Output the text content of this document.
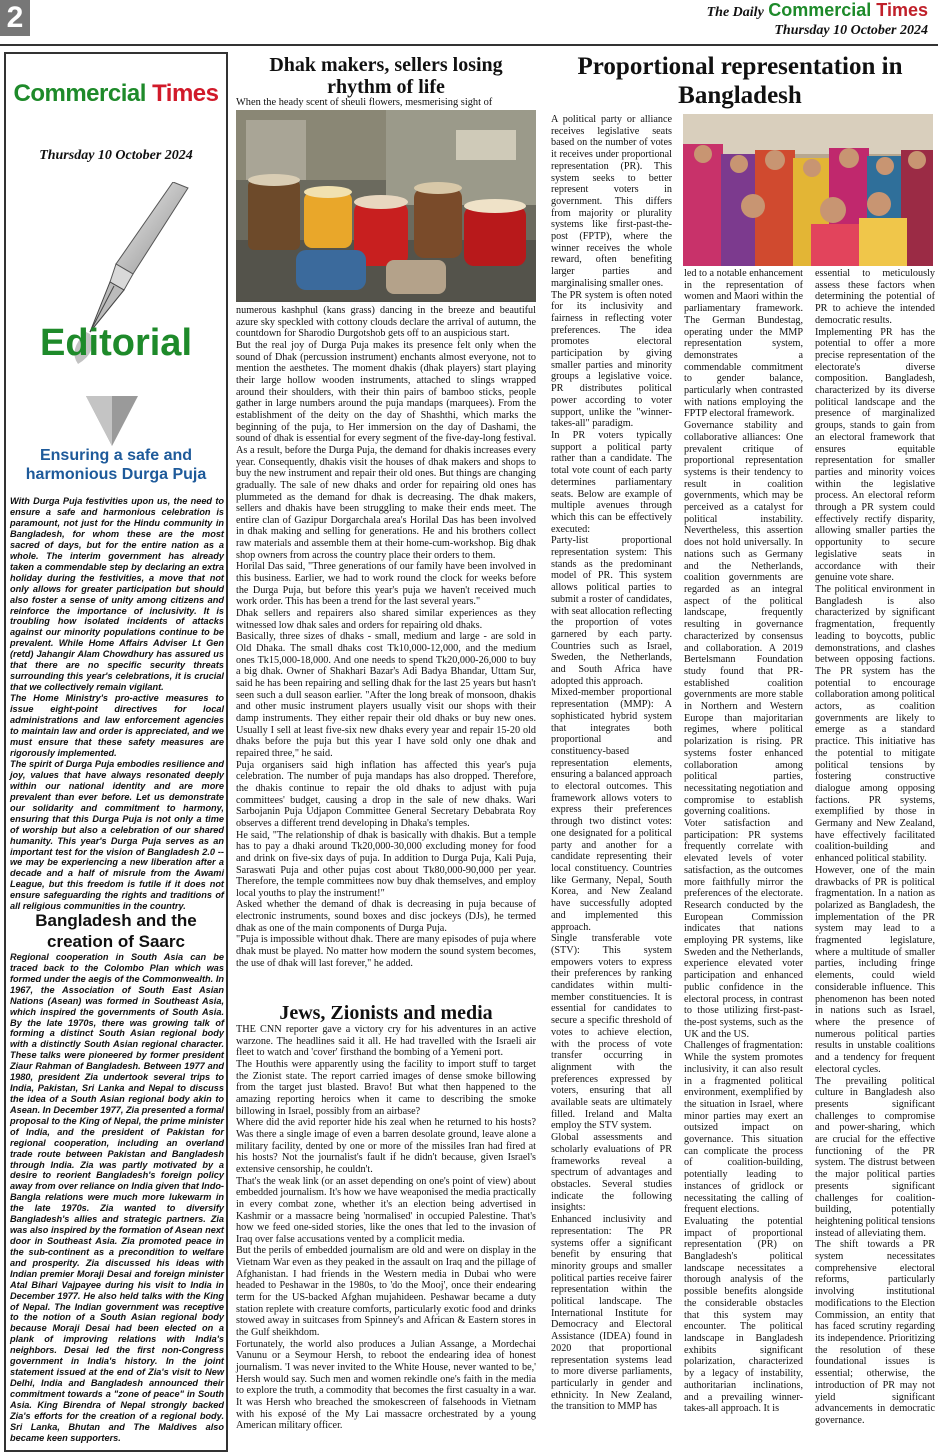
2	The Daily Commercial Times
Thursday 10 October 2024
Commercial Times
Thursday 10 October 2024
Editorial
Ensuring a safe and harmonious Durga Puja

With Durga Puja festivities upon us, the need to ensure a safe and harmonious celebration is paramount, not just for the Hindu community in Bangladesh, for whom these are the most sacred of days, but for the entire nation as a whole. The interim government has already taken a commendable step by declaring an extra holiday during the festivities, a move that not only allows for greater participation but should also foster a sense of unity among citizens and reinforce the importance of inclusivity. It is troubling how isolated incidents of attacks against our minority populations continue to be prevalent. While Home Affairs Adviser Lt Gen (retd) Jahangir Alam Chowdhury has assured us that there are no specific security threats surrounding this year's celebrations, it is crucial that we collectively remain vigilant.

The Home Ministry's pro-active measures to issue eight-point directives for local administrations and law enforcement agencies to maintain law and order is appreciated, and we must ensure that these safety measures are rigorously implemented.

The spirit of Durga Puja embodies resilience and joy, values that have always resonated deeply within our national identity and are more prevalent than ever before. Let us demonstrate our solidarity and commitment to harmony, ensuring that this Durga Puja is not only a time of worship but also a celebration of our shared humanity. This year's Durga Puja serves as an important test for the vision of Bangladesh 2.0 -- we may be experiencing a new liberation after a decade and a half of misrule from the Awami League, but this freedom is futile if it does not ensure safeguarding the rights and traditions of all religious communities in the country.

Bangladesh and the creation of Saarc

Regional cooperation in South Asia can be traced back to the Colombo Plan which was formed under the aegis of the Commonwealth. In 1967, the Association of South East Asian Nations (Asean) was formed in Southeast Asia, which inspired the governments of South Asia. By the late 1970s, there was growing talk of forming a distinct South Asian regional body with a distinctly South Asian regional character. These talks were pioneered by former president Ziaur Rahman of Bangladesh. Between 1977 and 1980, president Zia undertook several trips to India, Pakistan, Sri Lanka and Nepal to discuss the idea of a South Asian regional body akin to Asean. In December 1977, Zia presented a formal proposal to the King of Nepal, the prime minister of India, and the president of Pakistan for regional cooperation, including an overland trade route between Pakistan and Bangladesh through India. Zia was partly motivated by a desire to reorient Bangladesh's foreign policy away from over reliance on India given that Indo-Bangla relations were much more lukewarm in the late 1970s. Zia wanted to diversify Bangladesh's allies and strategic partners. Zia was also inspired by the formation of Asean next door in Southeast Asia. Zia promoted peace in the sub-continent as a precondition to welfare and prosperity. Zia discussed his ideas with Indian premier Moraji Desai and foreign minister Atal Bihari Vajpayee during his visit to India in December 1977. He also held talks with the King of Nepal. The Indian government was receptive to the notion of a South Asian regional body because Moraji Desai had been elected on a plank of improving relations with India's neighbors. Desai led the first non-Congress government in India's history. In the joint statement issued at the end of Zia's visit to New Delhi, India and Bangladesh announced their commitment towards a "zone of peace" in South Asia. King Birendra of Nepal strongly backed Zia's efforts for the creation of a regional body. Sri Lanka, Bhutan and The Maldives also became keen supporters.

Dhak makers, sellers losing rhythm of life
When the heady scent of sheuli flowers, mesmerising sight of

numerous kashphul (kans grass) dancing in the breeze and beautiful azure sky speckled with cottony clouds declare the arrival of autumn, the countdown for Sharodio Durgotshob gets off to an auspicious start.

But the real joy of Durga Puja makes its presence felt only when the sound of Dhak (percussion instrument) enchants almost everyone, not to mention the aesthetes. The moment dhakis (dhak players) start playing their large hollow wooden instruments, attached to slings wrapped around their shoulders, with their thin pairs of bamboo sticks, people gather in large numbers around the puja mandaps (marquees). From the establishment of the deity on the day of Shashthi, which marks the beginning of the puja, to Her immersion on the day of Dashami, the sound of dhak is essential for every segment of the five-day-long festival. As a result, before the Durga Puja, the demand for dhakis increases every year. Consequently, dhakis visit the houses of dhak makers and shops to buy the new instrument and repair their old ones. But things are changing gradually. The sale of new dhaks and order for repairing old ones has plummeted as the demand for dhak is decreasing. The dhak makers, sellers and dhakis have been struggling to make their ends meet. The entire clan of Gazipur Dorgarchala area's Horilal Das has been involved in dhak making and selling for generations. He and his brothers collect raw materials and assemble them at their home-cum-workshop. Big dhak shop owners from across the country place their orders to them.

Horilal Das said, "Three generations of our family have been involved in this business. Earlier, we had to work round the clock for weeks before the Durga Puja, but before this year's puja we haven't received much work order. This has been a trend for the last several years."

Dhak sellers and repairers also shared similar experiences as they witnessed low dhak sales and orders for repairing old dhaks.

Basically, three sizes of dhaks - small, medium and large - are sold in Old Dhaka. The small dhaks cost Tk10,000-12,000, and the medium ones Tk15,000-18,000. And one needs to spend Tk20,000-26,000 to buy a big dhak. Owner of Shakhari Bazar's Adi Badya Bhandar, Uttam Sur, said he has been repairing and selling dhak for the last 25 years but hasn't seen such a dull season earlier. "After the long break of monsoon, dhakis and other music instrument players usually visit our shops with their damp instruments. They either repair their old dhaks or buy new ones. Usually I sell at least five-six new dhaks every year and repair 15-20 old dhaks before the puja but this year I have sold only one dhak and repaired three," he said.

Puja organisers said high inflation has affected this year's puja celebration. The number of puja mandaps has also dropped. Therefore, the dhakis continue to repair the old dhaks to adjust with puja committees' budget, causing a drop in the sale of new dhaks. Wari Sarbojanin Puja Udjapon Committee General Secretary Debabrata Roy observes a different trend developing in Dhaka's temples.

He said, "The relationship of dhak is basically with dhakis. But a temple has to pay a dhaki around Tk20,000-30,000 excluding money for food and drink on five-six days of puja. In addition to Durga Puja, Kali Puja, Saraswati Puja and other pujas cost about Tk80,000-90,000 per year. Therefore, the temple committees now buy dhak themselves, and employ local youths to play the instrument!"

Asked whether the demand of dhak is decreasing in puja because of electronic instruments, sound boxes and disc jockeys (DJs), he termed dhak as one of the main components of Durga Puja.

"Puja is impossible without dhak. There are many episodes of puja where dhak must be played. No matter how modern the sound system becomes, the use of dhak will last forever," he added.

Jews, Zionists and media

THE CNN reporter gave a victory cry for his adventures in an active warzone. The headlines said it all. He had travelled with the Israeli air fleet to watch and 'cover' firsthand the bombing of a Yemeni port.

The Houthis were apparently using the facility to import stuff to target the Zionist state. The report carried images of dense smoke billowing from the target just blasted. Bravo! But what then happened to the amazing reporting heroics when it came to describing the smoke billowing in Israel, possibly from an airbase?

Where did the avid reporter hide his zeal when he returned to his hosts? Was there a single image of even a barren desolate ground, leave alone a military facility, dented by one or more of the missiles Iran had fired at his hosts? Not the journalist's fault if he didn't because, given Israel's extensive censorship, he couldn't.

That's the weak link (or an asset depending on one's point of view) about embedded journalism. It's how we have weaponised the media practically in every combat zone, whether it's an election being advertised in Kashmir or a massacre being 'normalised' in occupied Palestine. That's how we feed one-sided stories, like the ones that led to the invasion of Iraq over false accusations vented by a complicit media.

But the perils of embedded journalism are old and were on display in the Vietnam War even as they peaked in the assault on Iraq and the pillage of Afghanistan. I had friends in the Western media in Dubai who were headed to Peshawar in the 1980s, to 'do the Mooj', once their endearing term for the US-backed Afghan mujahideen. Peshawar became a duty station replete with creature comforts, particularly exotic food and drinks stowed away in suitcases from Spinney's and African & Eastern stores in the Gulf sheikhdom.

Fortunately, the world also produces a Julian Assange, a Mordechai Vanunu or a Seymour Hersh, to reboot the endearing idea of honest journalism. 'I was never invited to the White House, never wanted to be,' Hersh would say. Such men and women rekindle one's faith in the media to explore the truth, a commodity that becomes the first casualty in a war. It was Hersh who breached the smokescreen of falsehoods in Vietnam with his exposé of the My Lai massacre orchestrated by a young American military officer.

Proportional representation in Bangladesh

A political party or alliance receives legislative seats based on the number of votes it receives under proportional representation (PR). This system seeks to better represent voters in government. This differs from majority or plurality systems like first-past-the-post (FPTP), where the winner receives the whole reward, often benefiting larger parties and marginalising smaller ones.

The PR system is often noted for its inclusivity and fairness in reflecting voter preferences. The idea promotes electoral participation by giving smaller parties and minority groups a legislative voice. PR distributes political power according to voter support, unlike the "winner-takes-all" paradigm.

In PR voters typically support a political party rather than a candidate. The total vote count of each party determines parliamentary seats. Below are example of multiple avenues through which this can be effectively executed:

Party-list proportional representation system: This stands as the predominant model of PR. This system allows political parties to submit a roster of candidates, with seat allocation reflecting the proportion of votes garnered by each party. Countries such as Israel, Sweden, the Netherlands, and South Africa have adopted this approach.

Mixed-member proportional representation (MMP): A sophisticated hybrid system that integrates both proportional and constituency-based representation elements, ensuring a balanced approach to electoral outcomes. This framework allows voters to express their preferences through two distinct votes: one designated for a political party and another for a candidate representing their local constituency. Countries like Germany, Nepal, South Korea, and New Zealand have successfully adopted and implemented this approach.

Single transferable vote (STV): This system empowers voters to express their preferences by ranking candidates within multi-member constituencies. It is essential for candidates to secure a specific threshold of votes to achieve election, with the process of vote transfer occurring in alignment with the preferences expressed by voters, ensuring that all available seats are ultimately filled. Ireland and Malta employ the STV system.

Global assessments and scholarly evaluations of PR frameworks reveal a spectrum of advantages and obstacles. Several studies indicate the following insights:

Enhanced inclusivity and representation: The PR systems offer a significant benefit by ensuring that minority groups and smaller political parties receive fairer representation within the political landscape. The International Institute for Democracy and Electoral Assistance (IDEA) found in 2020 that proportional representation systems lead to more diverse parliaments, particularly in gender and ethnicity. In New Zealand, the transition to MMP has

led to a notable enhancement in the representation of women and Maori within the parliamentary framework. The German Bundestag, operating under the MMP representation system, demonstrates a commendable commitment to gender balance, particularly when contrasted with nations employing the FPTP electoral framework.

Governance stability and collaborative alliances: One prevalent critique of proportional representation systems is their tendency to result in coalition governments, which may be perceived as a catalyst for political instability. Nevertheless, this assertion does not hold universally. In nations such as Germany and the Netherlands, coalition governments are regarded as an integral aspect of the political landscape, frequently resulting in governance characterized by consensus and collaboration. A 2019 Bertelsmann Foundation study found that PR-established coalition governments are more stable in Northern and Western Europe than majoritarian regimes, where political polarization is rising. PR systems foster enhanced collaboration among political parties, necessitating negotiation and compromise to establish governing coalitions.

Voter satisfaction and participation: PR systems frequently correlate with elevated levels of voter satisfaction, as the outcomes more faithfully mirror the preferences of the electorate. Research conducted by the European Commission indicates that nations employing PR systems, like Sweden and the Netherlands, experience elevated voter participation and enhanced public confidence in the electoral process, in contrast to those utilizing first-past-the-post systems, such as the UK and the US.

Challenges of fragmentation: While the system promotes inclusivity, it can also result in a fragmented political environment, exemplified by the situation in Israel, where minor parties may exert an outsized impact on governance. This situation can complicate the process of coalition-building, potentially leading to instances of gridlock or necessitating the calling of frequent elections.

Evaluating the potential impact of proportional representation (PR) on Bangladesh's political landscape necessitates a thorough analysis of the possible benefits alongside the considerable obstacles that this system may encounter. The political landscape in Bangladesh exhibits significant polarization, characterized by a legacy of instability, authoritarian inclinations, and a prevailing winner-takes-all approach. It is

essential to meticulously assess these factors when determining the potential of PR to achieve the intended democratic results.

Implementing PR has the potential to offer a more precise representation of the electorate's diverse composition. Bangladesh, characterized by its diverse political landscape and the presence of marginalized groups, stands to gain from an electoral framework that ensures equitable representation for smaller parties and minority voices within the legislative process. An electoral reform through a PR system could effectively rectify disparity, allowing smaller parties the opportunity to secure legislative seats in accordance with their genuine vote share.

The political environment in Bangladesh is also characterized by significant fragmentation, frequently leading to boycotts, public demonstrations, and clashes between opposing factions. The PR system has the potential to encourage collaboration among political actors, as coalition governments are likely to emerge as a standard practice. This initiative has the potential to mitigate political tensions by fostering constructive dialogue among opposing factions. PR systems, exemplified by those in Germany and New Zealand, have effectively facilitated coalition-building and enhanced political stability.

However, one of the main drawbacks of PR is political fragmentation. In a nation as polarized as Bangladesh, the implementation of the PR system may lead to a fragmented legislature, where a multitude of smaller parties, including fringe elements, could wield considerable influence. This phenomenon has been noted in nations such as Israel, where the presence of numerous political parties results in unstable coalitions and a tendency for frequent electoral cycles.

The prevailing political culture in Bangladesh also presents significant challenges to compromise and power-sharing, which are crucial for the effective functioning of the PR system. The distrust between the major political parties presents significant challenges for coalition-building, potentially heightening political tensions instead of alleviating them.

The shift towards a PR system necessitates comprehensive electoral reforms, particularly involving institutional modifications to the Election Commission, an entity that has faced scrutiny regarding its independence. Prioritizing the resolution of these foundational issues is essential; otherwise, the introduction of PR may not yield significant advancements in democratic governance.
